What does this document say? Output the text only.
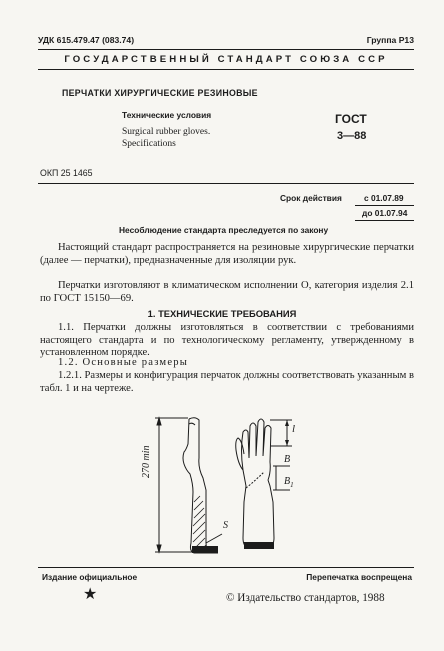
УДК 615.479.47 (083.74)	Группа Р13
ГОСУДАРСТВЕННЫЙ СТАНДАРТ СОЮЗА ССР
ПЕРЧАТКИ ХИРУРГИЧЕСКИЕ РЕЗИНОВЫЕ
Технические условия
Surgical rubber gloves.
Specifications
ГОСТ
3—88
ОКП 25 1465
Срок действия	с 01.07.89
до 01.07.94
Несоблюдение стандарта преследуется по закону
Настоящий стандарт распространяется на резиновые хирургические перчатки (далее — перчатки), предназначенные для изоляции рук.
Перчатки изготовляют в климатическом исполнении О, категория изделия 2.1 по ГОСТ 15150—69.
1. ТЕХНИЧЕСКИЕ ТРЕБОВАНИЯ
1.1. Перчатки должны изготовляться в соответствии с требованиями настоящего стандарта и по технологическому регламенту, утвержденному в установленном порядке.
1.2. Основные размеры
1.2.1. Размеры и конфигурация перчаток должны соответствовать указанным в табл. 1 и на чертеже.
270 min
l
B
$B_1$
S
Издание официальное	Перепечатка воспрещена
★	© Издательство стандартов, 1988
